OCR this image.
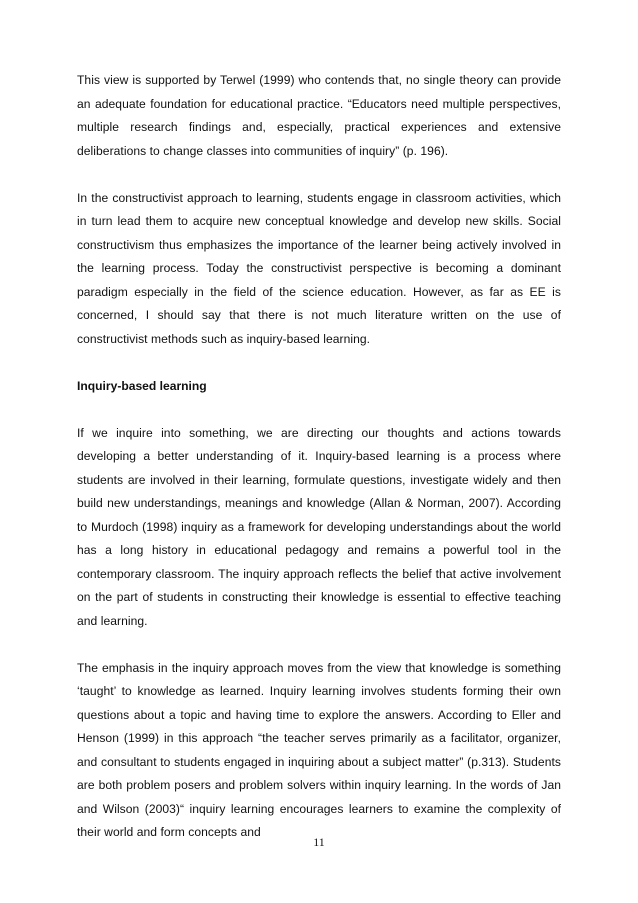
This view is supported by Terwel (1999) who contends that, no single theory can provide an adequate foundation for educational practice. “Educators need multiple perspectives, multiple research findings and, especially, practical experiences and extensive deliberations to change classes into communities of inquiry” (p. 196).

In the constructivist approach to learning, students engage in classroom activities, which in turn lead them to acquire new conceptual knowledge and develop new skills. Social constructivism thus emphasizes the importance of the learner being actively involved in the learning process. Today the constructivist perspective is becoming a dominant paradigm especially in the field of the science education. However, as far as EE is concerned, I should say that there is not much literature written on the use of constructivist methods such as inquiry-based learning.

Inquiry-based learning

If we inquire into something, we are directing our thoughts and actions towards developing a better understanding of it. Inquiry-based learning is a process where students are involved in their learning, formulate questions, investigate widely and then build new understandings, meanings and knowledge (Allan & Norman, 2007). According to Murdoch (1998) inquiry as a framework for developing understandings about the world has a long history in educational pedagogy and remains a powerful tool in the contemporary classroom. The inquiry approach reflects the belief that active involvement on the part of students in constructing their knowledge is essential to effective teaching and learning.

The emphasis in the inquiry approach moves from the view that knowledge is something ‘taught’ to knowledge as learned. Inquiry learning involves students forming their own questions about a topic and having time to explore the answers. According to Eller and Henson (1999) in this approach “the teacher serves primarily as a facilitator, organizer, and consultant to students engaged in inquiring about a subject matter” (p.313). Students are both problem posers and problem solvers within inquiry learning. In the words of Jan and Wilson (2003)“ inquiry learning encourages learners to examine the complexity of their world and form concepts and

11
